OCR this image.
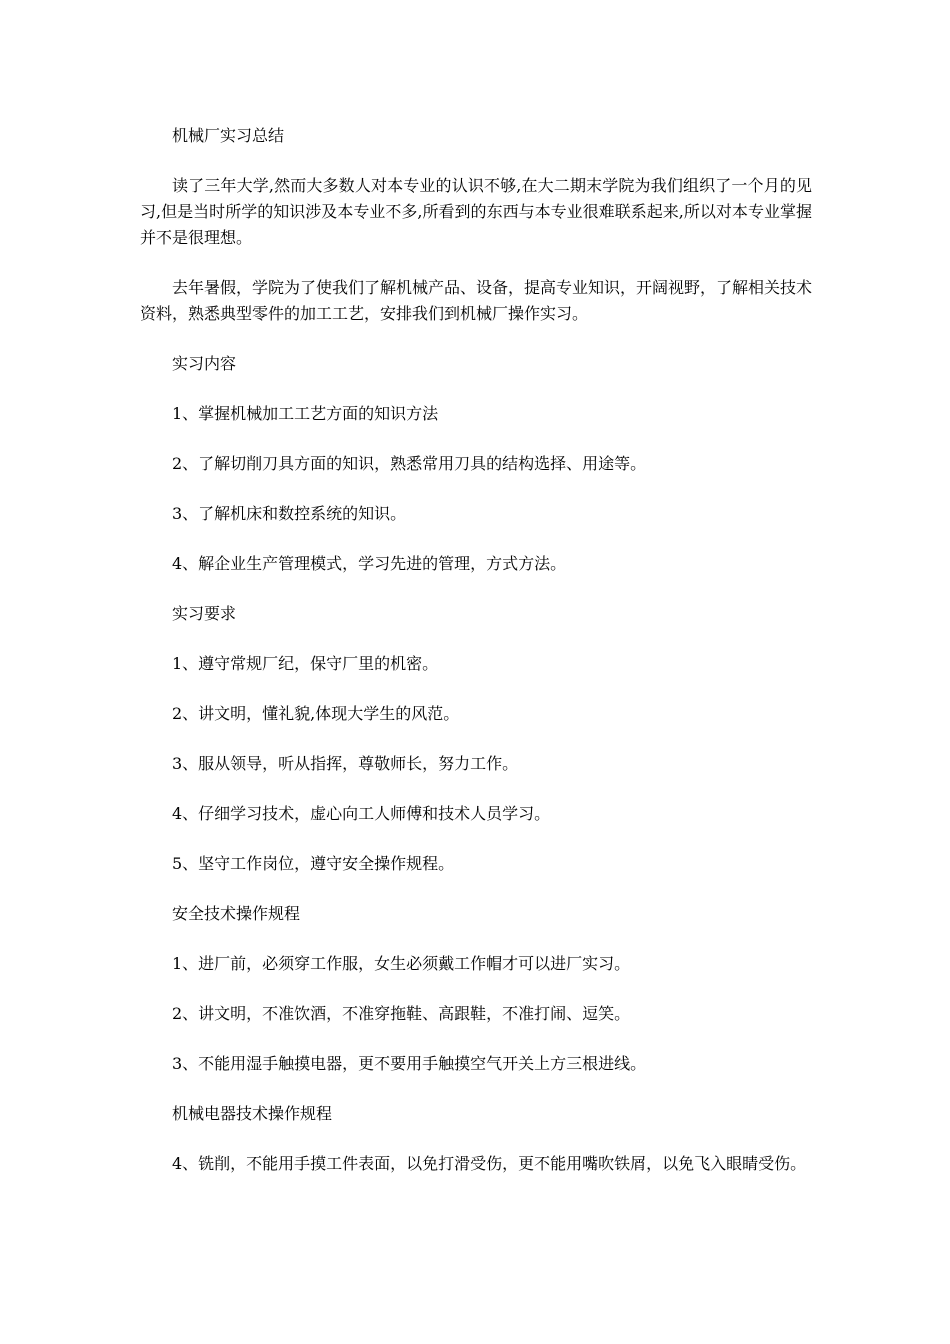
机械厂实习总结

读了三年大学,然而大多数人对本专业的认识不够,在大二期末学院为我们组织了一个月的见习,但是当时所学的知识涉及本专业不多,所看到的东西与本专业很难联系起来,所以对本专业掌握并不是很理想。

去年暑假，学院为了使我们了解机械产品、设备，提高专业知识，开阔视野，了解相关技术资料，熟悉典型零件的加工工艺，安排我们到机械厂操作实习。

实习内容

1、掌握机械加工工艺方面的知识方法

2、了解切削刀具方面的知识，熟悉常用刀具的结构选择、用途等。

3、了解机床和数控系统的知识。

4、解企业生产管理模式，学习先进的管理，方式方法。

实习要求

1、遵守常规厂纪，保守厂里的机密。

2、讲文明，懂礼貌,体现大学生的风范。

3、服从领导，听从指挥，尊敬师长，努力工作。

4、仔细学习技术，虚心向工人师傅和技术人员学习。

5、坚守工作岗位，遵守安全操作规程。

安全技术操作规程

1、进厂前，必须穿工作服，女生必须戴工作帽才可以进厂实习。

2、讲文明，不准饮酒，不准穿拖鞋、高跟鞋，不准打闹、逗笑。

3、不能用湿手触摸电器，更不要用手触摸空气开关上方三根进线。

机械电器技术操作规程

4、铣削，不能用手摸工件表面，以免打滑受伤，更不能用嘴吹铁屑，以免飞入眼睛受伤。
